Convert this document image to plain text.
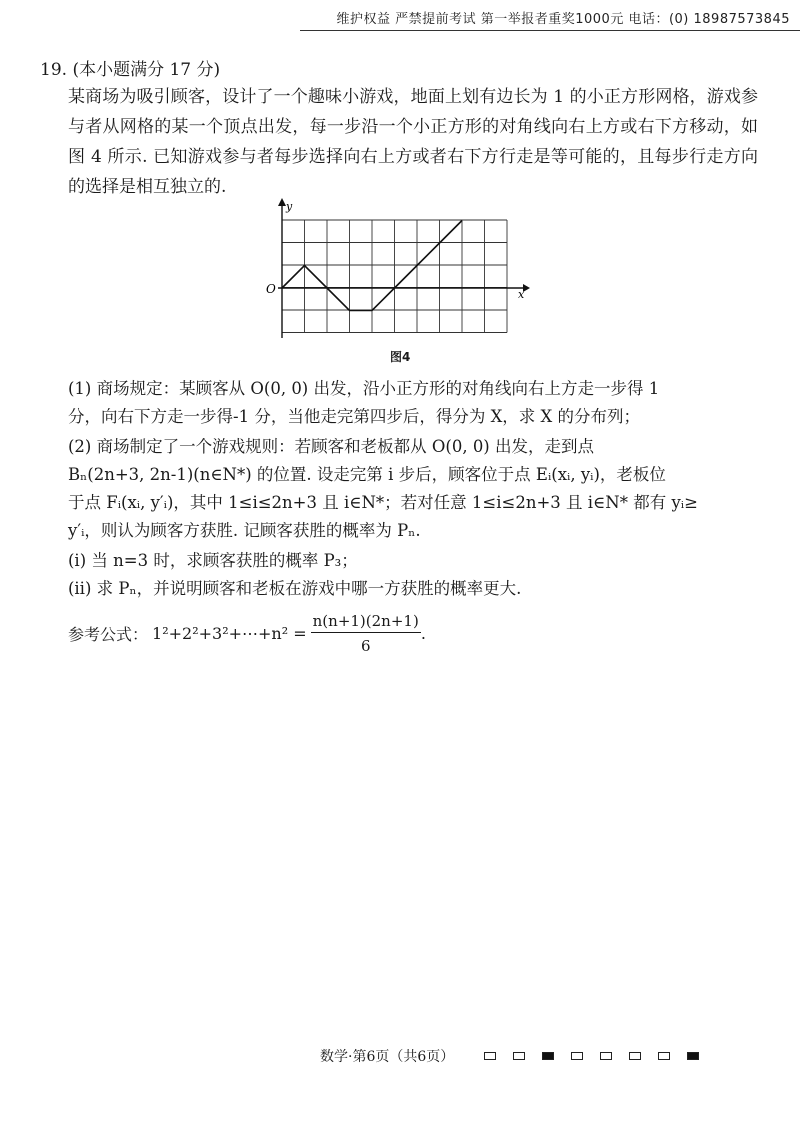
维护权益 严禁提前考试 第一举报者重奖1000元 电话：(0) 18987573845
19. (本小题满分 17 分)
某商场为吸引顾客，设计了一个趣味小游戏，地面上划有边长为 1 的小正方形网格，游戏参与者从网格的某一个顶点出发，每一步沿一个小正方形的对角线向右上方或右下方移动，如图 4 所示. 已知游戏参与者每步选择向右上方或者右下方行走是等可能的，且每步行走方向的选择是相互独立的.
x
y
O
图4
(1) 商场规定：某顾客从 O(0, 0) 出发，沿小正方形的对角线向右上方走一步得 1
分，向右下方走一步得-1 分，当他走完第四步后，得分为 X，求 X 的分布列；
(2) 商场制定了一个游戏规则：若顾客和老板都从 O(0, 0) 出发，走到点
Bₙ(2n+3, 2n-1)(n∈N*) 的位置. 设走完第 i 步后，顾客位于点 Eᵢ(xᵢ, yᵢ)，老板位
于点 Fᵢ(xᵢ, y′ᵢ)，其中 1≤i≤2n+3 且 i∈N*；若对任意 1≤i≤2n+3 且 i∈N* 都有 yᵢ≥
y′ᵢ，则认为顾客方获胜. 记顾客获胜的概率为 Pₙ.
(ⅰ) 当 n=3 时，求顾客获胜的概率 P₃；
(ⅱ) 求 Pₙ，并说明顾客和老板在游戏中哪一方获胜的概率更大.
参考公式： 1²+2²+3²+⋯+n² = $\frac{n(n+1)(2n+1)}{6}$ .
数学·第6页（共6页）
